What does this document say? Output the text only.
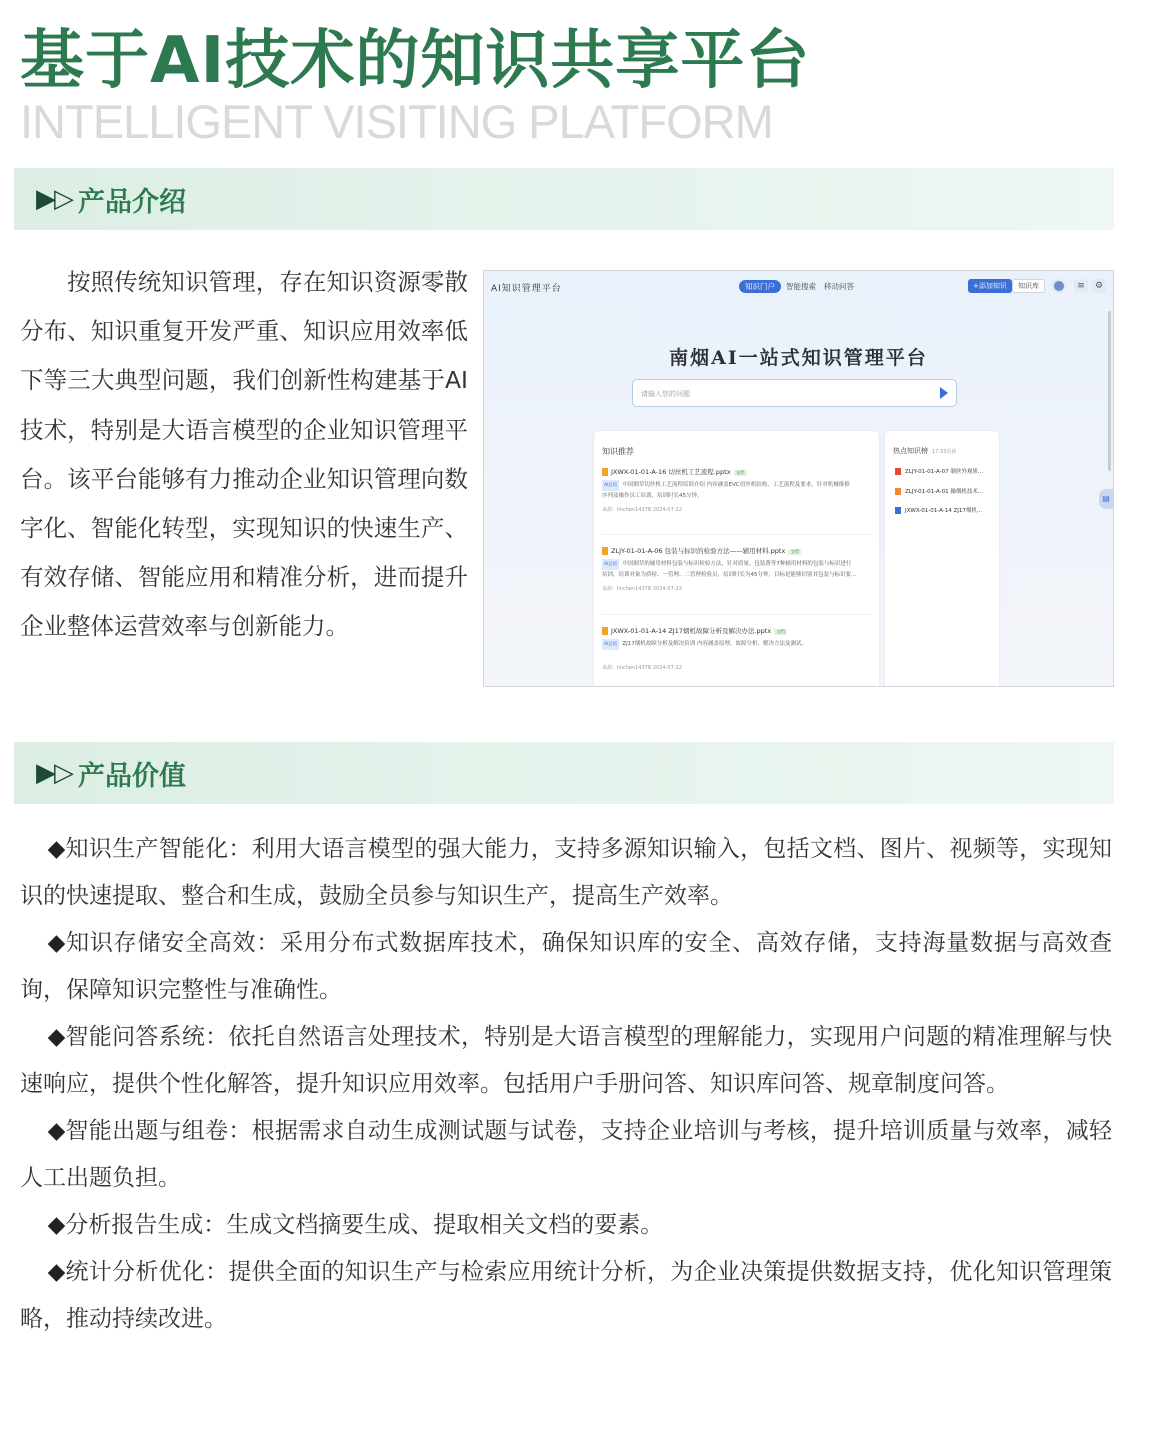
基于AI技术的知识共享平台
INTELLIGENT VISITING PLATFORM
▶▷ 产品介绍

按照传统知识管理，存在知识资源零散分布、知识重复开发严重、知识应用效率低下等三大典型问题，我们创新性构建基于AI技术，特别是大语言模型的企业知识管理平台。该平台能够有力推动企业知识管理向数字化、智能化转型，实现知识的快速生产、有效存储、智能应用和精准分析，进而提升企业整体运营效率与创新能力。

AI知识管理平台	知识门户	智能搜索 移动问答	+添加知识	知识库	≡	⚙
南烟AI一站式知识管理平台
请输入您的问题
知识推荐
JXWX-01-01-A-16 切丝机工艺流程.pptx 文档
AI总结 中国烟草切丝机工艺流程培训介绍 内容涵盖EVC切丝机结构、工艺流程及要求，针对机械维修
序列及操作员工培训，培训时长45分钟。
来源：linchen1437B 2024-07-22
ZLJY-01-01-A-06 包装与标识的检验方法——辅用材料.pptx 文档
AI总结 中国烟草的辅用材料包装与标识检验方法，针对质量、包装费等7种辅用材料的包装与标识进行
培训，培训对象为质检、一管理、二管理检验员，培训时长为45分钟，目标是能够识别其包装与标识要...
来源：linchen1437B 2024-07-22
JXWX-01-01-A-14 ZJ17烟机故障分析及解决办法.pptx 文档
AI总结 ZJ17烟机故障分析及解决培训 内容涵盖原理、故障分析、解决方法及测试。
来源：linchen1437B 2024-07-22
热点知识榜 17:33更新
ZLJY-01-01-A-07 制丝外观质...
ZLJY-01-01-A-01 操烟机技术...
JXWX-01-01-A-14 ZJ17烟机...
▤
▶▷ 产品价值

◆知识生产智能化：利用大语言模型的强大能力，支持多源知识输入，包括文档、图片、视频等，实现知识的快速提取、整合和生成，鼓励全员参与知识生产，提高生产效率。

◆知识存储安全高效：采用分布式数据库技术，确保知识库的安全、高效存储，支持海量数据与高效查询，保障知识完整性与准确性。

◆智能问答系统：依托自然语言处理技术，特别是大语言模型的理解能力，实现用户问题的精准理解与快速响应，提供个性化解答，提升知识应用效率。包括用户手册问答、知识库问答、规章制度问答。

◆智能出题与组卷：根据需求自动生成测试题与试卷，支持企业培训与考核，提升培训质量与效率，减轻人工出题负担。

◆分析报告生成：生成文档摘要生成、提取相关文档的要素。

◆统计分析优化：提供全面的知识生产与检索应用统计分析，为企业决策提供数据支持，优化知识管理策略，推动持续改进。
